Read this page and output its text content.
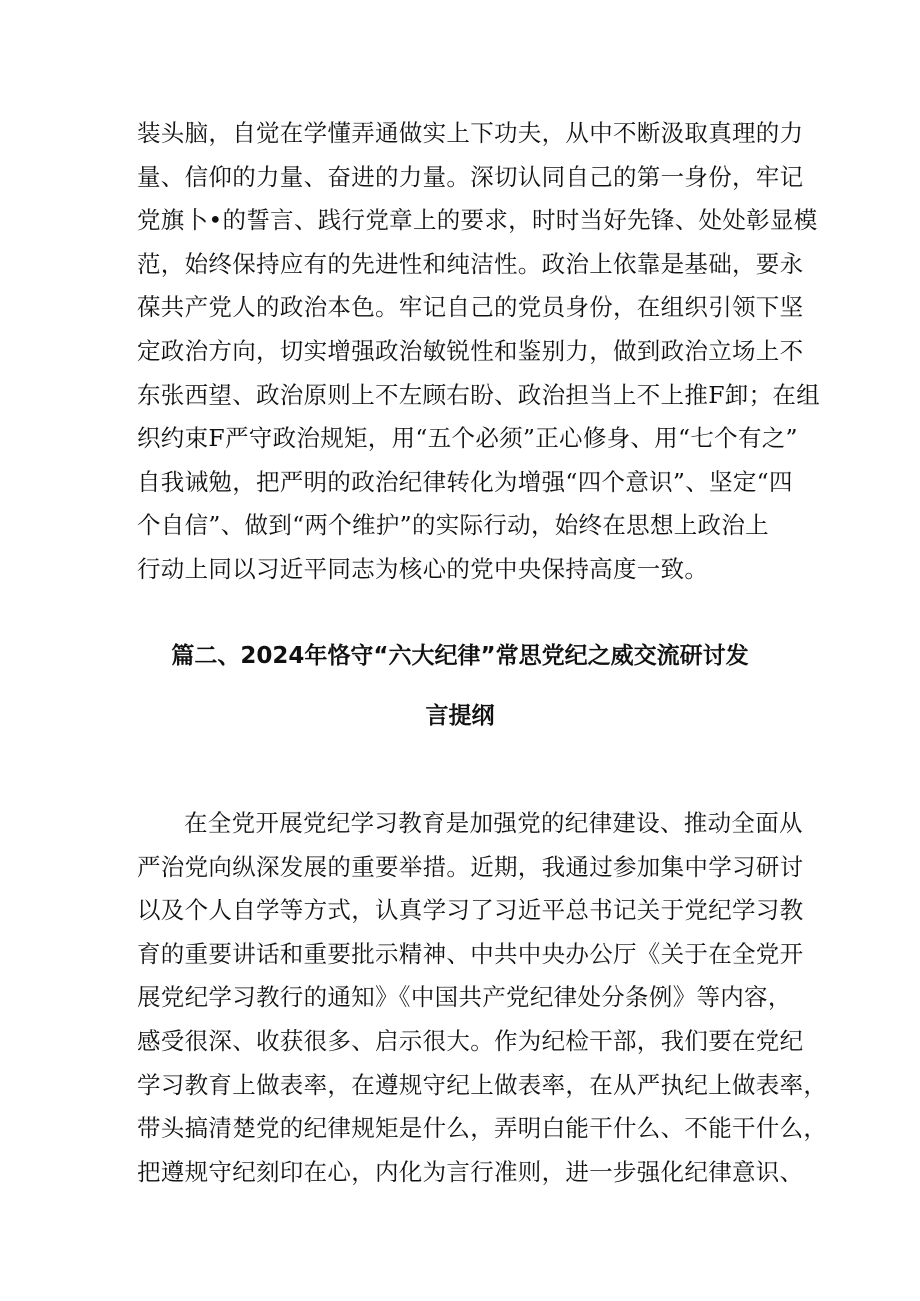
装头脑，自觉在学懂弄通做实上下功夫，从中不断汲取真理的力
量、信仰的力量、奋进的力量。深切认同自己的第一身份，牢记
党旗卜•的誓言、践行党章上的要求，时时当好先锋、处处彰显模
范，始终保持应有的先进性和纯洁性。政治上依靠是基础，要永
葆共产党人的政治本色。牢记自己的党员身份，在组织引领下坚
定政治方向，切实增强政治敏锐性和鉴别力，做到政治立场上不
东张西望、政治原则上不左顾右盼、政治担当上不上推F卸；在组
织约束F严守政治规矩，用“五个必须”正心修身、用“七个有之”
自我诫勉，把严明的政治纪律转化为增强“四个意识”、坚定“四
个自信”、做到“两个维护”的实际行动，始终在思想上政治上
行动上同以习近平同志为核心的党中央保持高度一致。
篇二、2024年恪守“六大纪律”常思党纪之威交流研讨发
言提纲
在全党开展党纪学习教育是加强党的纪律建设、推动全面从
严治党向纵深发展的重要举措。近期，我通过参加集中学习研讨
以及个人自学等方式，认真学习了习近平总书记关于党纪学习教
育的重要讲话和重要批示精神、中共中央办公厅《关于在全党开
展党纪学习教行的通知》《中国共产党纪律处分条例》等内容，
感受很深、收获很多、启示很大。作为纪检干部，我们要在党纪
学习教育上做表率，在遵规守纪上做表率，在从严执纪上做表率，
带头搞清楚党的纪律规矩是什么，弄明白能干什么、不能干什么，
把遵规守纪刻印在心，内化为言行准则，进一步强化纪律意识、
